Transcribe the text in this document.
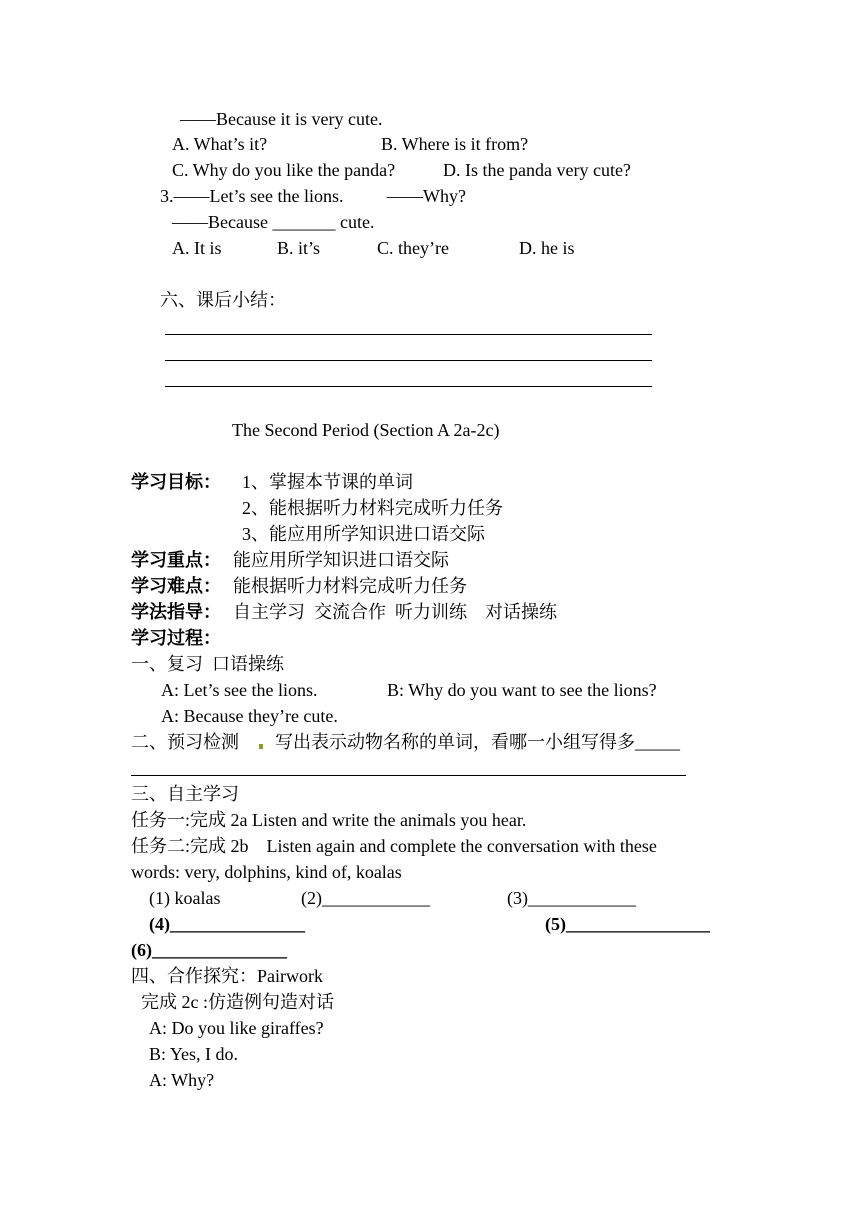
——Because it is very cute.
A. What’s it?	B. Where is it from?
C. Why do you like the panda?	D. Is the panda very cute?
3.——Let’s see the lions. ——Why?
——Because _______ cute.
A. It is	B. it’s	C. they’re	D. he is
六、课后小结：
The Second Period (Section A 2a-2c)
学习目标： 1、掌握本节课的单词
2、能根据听力材料完成听力任务
3、能应用所学知识进口语交际
学习重点： 能应用所学知识进口语交际
学习难点： 能根据听力材料完成听力任务
学法指导： 自主学习  交流合作  听力训练    对话操练
学习过程：
一、复习  口语操练
A: Let’s see the lions.	B: Why do you want to see the lions?
A: Because they’re cute.
二、预习检测 写出表示动物名称的单词，看哪一小组写得多_____
三、自主学习
任务一:完成 2a Listen and write the animals you hear.
任务二:完成 2b    Listen again and complete the conversation with these
words: very, dolphins, kind of, koalas
(1) koalas	(2)____________	(3)____________
(4)_______________	(5)________________
(6)_______________
四、合作探究：Pairwork
完成 2c :仿造例句造对话
A: Do you like giraffes?
B: Yes, I do.
A: Why?
